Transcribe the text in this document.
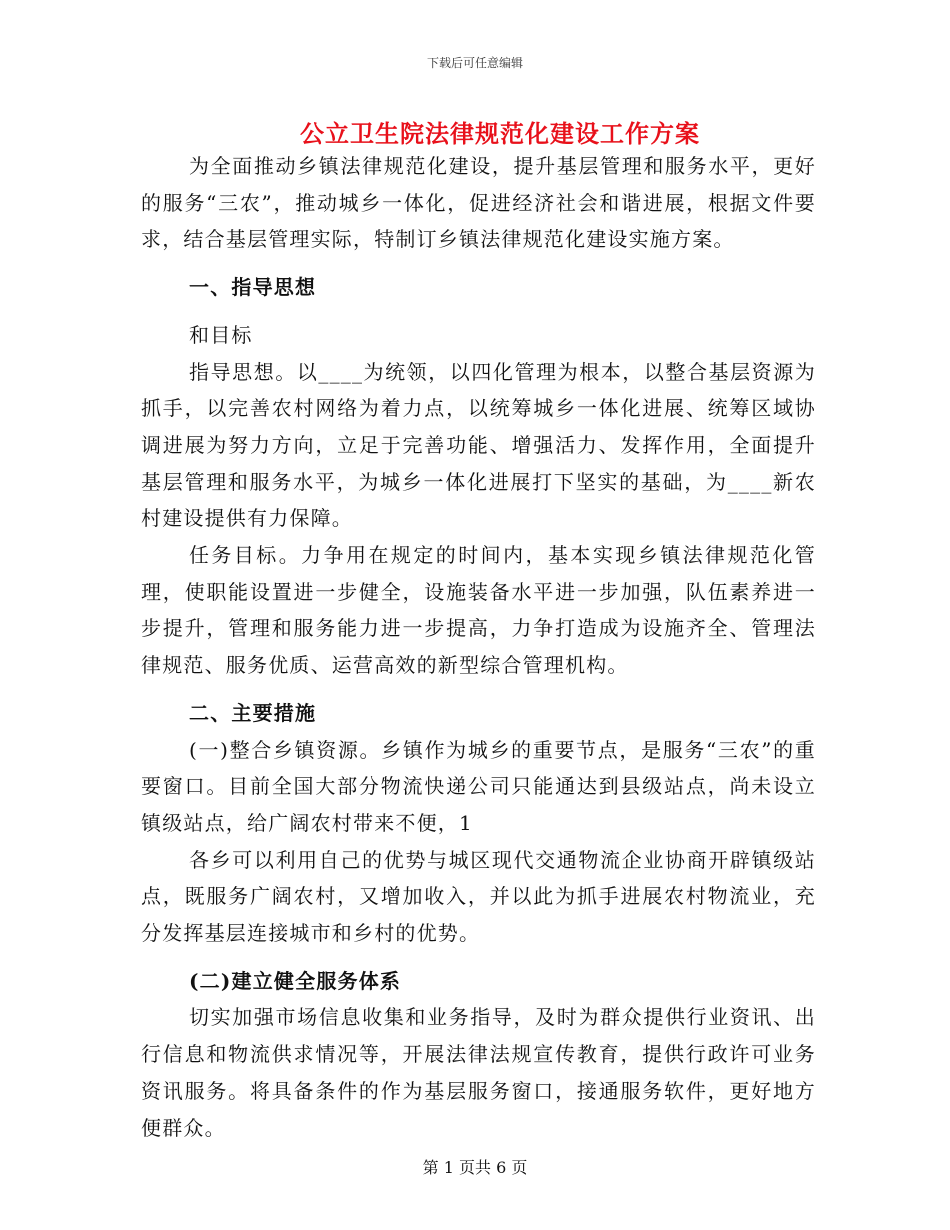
下载后可任意编辑
公立卫生院法律规范化建设工作方案

为全面推动乡镇法律规范化建设，提升基层管理和服务水平，更好的服务“三农”，推动城乡一体化，促进经济社会和谐进展，根据文件要求，结合基层管理实际，特制订乡镇法律规范化建设实施方案。

一、指导思想

和目标

指导思想。以____为统领，以四化管理为根本，以整合基层资源为抓手，以完善农村网络为着力点，以统筹城乡一体化进展、统筹区域协调进展为努力方向，立足于完善功能、增强活力、发挥作用，全面提升基层管理和服务水平，为城乡一体化进展打下坚实的基础，为____新农村建设提供有力保障。

任务目标。力争用在规定的时间内，基本实现乡镇法律规范化管理，使职能设置进一步健全，设施装备水平进一步加强，队伍素养进一步提升，管理和服务能力进一步提高，力争打造成为设施齐全、管理法律规范、服务优质、运营高效的新型综合管理机构。

二、主要措施

(一)整合乡镇资源。乡镇作为城乡的重要节点，是服务“三农”的重要窗口。目前全国大部分物流快递公司只能通达到县级站点，尚未设立镇级站点，给广阔农村带来不便，1

各乡可以利用自己的优势与城区现代交通物流企业协商开辟镇级站点，既服务广阔农村，又增加收入，并以此为抓手进展农村物流业，充分发挥基层连接城市和乡村的优势。

(二)建立健全服务体系

切实加强市场信息收集和业务指导，及时为群众提供行业资讯、出行信息和物流供求情况等，开展法律法规宣传教育，提供行政许可业务资讯服务。将具备条件的作为基层服务窗口，接通服务软件，更好地方便群众。

第 1 页共 6 页
